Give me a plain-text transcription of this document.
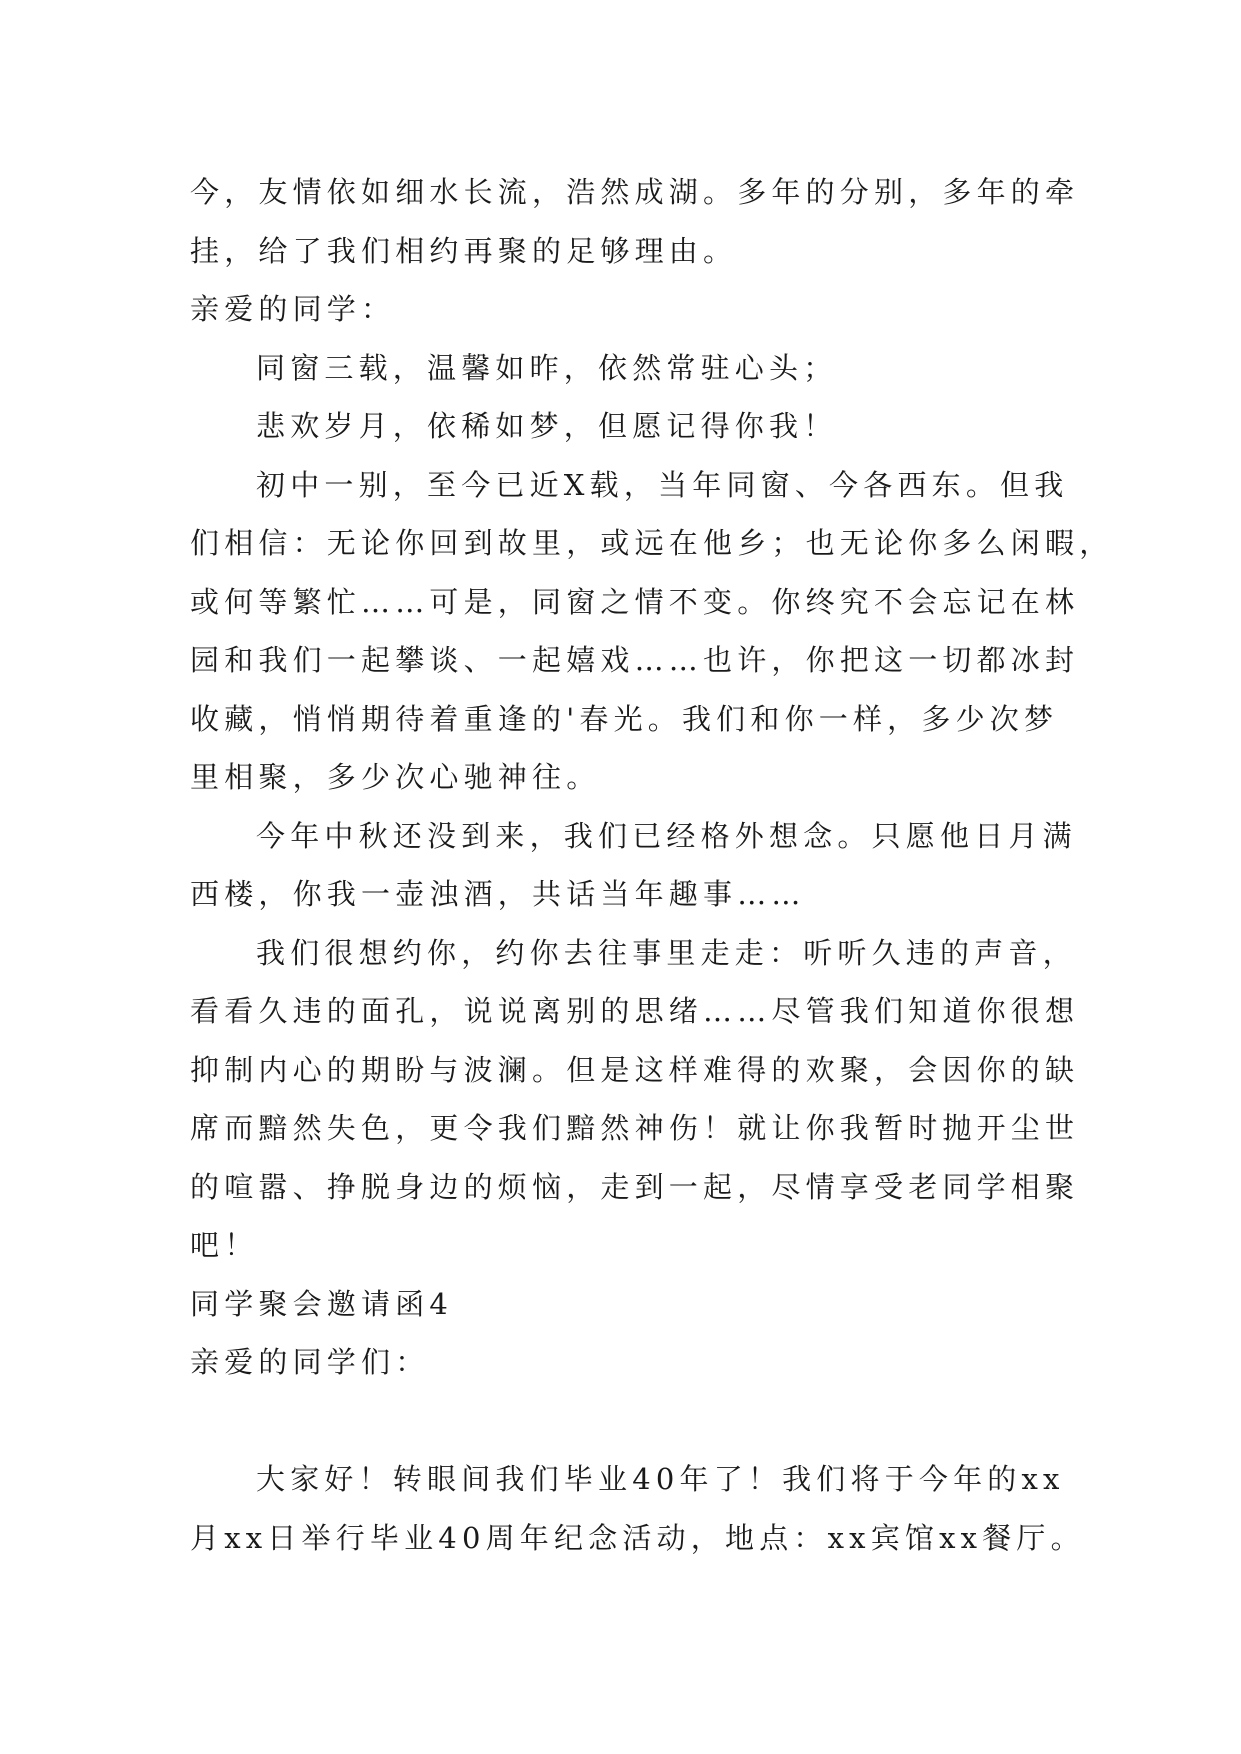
今，友情依如细水长流，浩然成湖。多年的分别，多年的牵
挂，给了我们相约再聚的足够理由。
亲爱的同学：
同窗三载，温馨如昨，依然常驻心头；
悲欢岁月，依稀如梦，但愿记得你我！
初中一别，至今已近X载，当年同窗、今各西东。但我
们相信：无论你回到故里，或远在他乡；也无论你多么闲暇，
或何等繁忙……可是，同窗之情不变。你终究不会忘记在林
园和我们一起攀谈、一起嬉戏……也许，你把这一切都冰封
收藏，悄悄期待着重逢的'春光。我们和你一样，多少次梦
里相聚，多少次心驰神往。
今年中秋还没到来，我们已经格外想念。只愿他日月满
西楼，你我一壶浊酒，共话当年趣事……
我们很想约你，约你去往事里走走：听听久违的声音，
看看久违的面孔，说说离别的思绪……尽管我们知道你很想
抑制内心的期盼与波澜。但是这样难得的欢聚，会因你的缺
席而黯然失色，更令我们黯然神伤！就让你我暂时抛开尘世
的喧嚣、挣脱身边的烦恼，走到一起，尽情享受老同学相聚
吧！
同学聚会邀请函4
亲爱的同学们：
大家好！转眼间我们毕业40年了！我们将于今年的xx
月xx日举行毕业40周年纪念活动，地点：xx宾馆xx餐厅。
